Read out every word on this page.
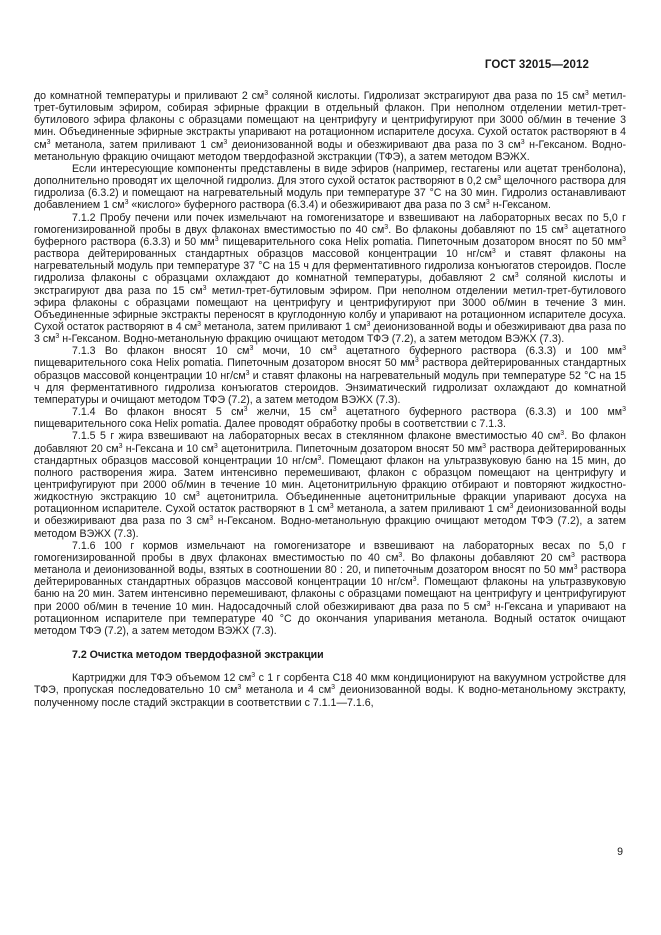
ГОСТ 32015—2012

до комнатной температуры и приливают 2 $см^3$ соляной кислоты. Гидролизат экстрагируют два раза по 15 $см^3$ метил-трет-бутиловым эфиром, собирая эфирные фракции в отдельный флакон. При неполном отделении метил-трет-бутилового эфира флаконы с образцами помещают на центрифугу и центрифугируют при 3000 об/мин в течение 3 мин. Объединенные эфирные экстракты упаривают на ротационном испарителе досуха. Сухой остаток растворяют в 4 $см^3$ метанола, затем приливают 1 $см^3$ деионизованной воды и обезжиривают два раза по 3 $см^3$ н-Гексаном. Водно-метанольную фракцию очищают методом твердофазной экстракции (ТФЭ), а затем методом ВЭЖХ.

Если интересующие компоненты представлены в виде эфиров (например, гестагены или ацетат тренболона), дополнительно проводят их щелочной гидролиз. Для этого сухой остаток растворяют в 0,2 $см^3$ щелочного раствора для гидролиза (6.3.2) и помещают на нагревательный модуль при температуре 37 °С на 30 мин. Гидролиз останавливают добавлением 1 $см^3$ «кислого» буферного раствора (6.3.4) и обезжиривают два раза по 3 $см^3$ н-Гексаном.

7.1.2 Пробу печени или почек измельчают на гомогенизаторе и взвешивают на лабораторных весах по 5,0 г гомогенизированной пробы в двух флаконах вместимостью по 40 $см^3$. Во флаконы добавляют по 15 $см^3$ ацетатного буферного раствора (6.3.3) и 50 $мм^3$ пищеварительного сока Helix pomatia. Пипеточным дозатором вносят по 50 $мм^3$ раствора дейтерированных стандартных образцов массовой концентрации 10 $нг/см^3$ и ставят флаконы на нагревательный модуль при температуре 37 °С на 15 ч для ферментативного гидролиза конъюгатов стероидов. После гидролиза флаконы с образцами охлаждают до комнатной температуры, добавляют 2 $см^3$ соляной кислоты и экстрагируют два раза по 15 $см^3$ метил-трет-бутиловым эфиром. При неполном отделении метил-трет-бутилового эфира флаконы с образцами помещают на центрифугу и центрифугируют при 3000 об/мин в течение 3 мин. Объединенные эфирные экстракты переносят в круглодонную колбу и упаривают на ротационном испарителе досуха. Сухой остаток растворяют в 4 $см^3$ метанола, затем приливают 1 $см^3$ деионизованной воды и обезжиривают два раза по 3 $см^3$ н-Гексаном. Водно-метанольную фракцию очищают методом ТФЭ (7.2), а затем методом ВЭЖХ (7.3).

7.1.3 Во флакон вносят 10 $см^3$ мочи, 10 $см^3$ ацетатного буферного раствора (6.3.3) и 100 $мм^3$ пищеварительного сока Helix pomatia. Пипеточным дозатором вносят 50 $мм^3$ раствора дейтерированных стандартных образцов массовой концентрации 10 $нг/см^3$ и ставят флаконы на нагревательный модуль при температуре 52 °С на 15 ч для ферментативного гидролиза конъюгатов стероидов. Энзиматический гидролизат охлаждают до комнатной температуры и очищают методом ТФЭ (7.2), а затем методом ВЭЖХ (7.3).

7.1.4 Во флакон вносят 5 $см^3$ желчи, 15 $см^3$ ацетатного буферного раствора (6.3.3) и 100 $мм^3$ пищеварительного сока Helix pomatia. Далее проводят обработку пробы в соответствии с 7.1.3.

7.1.5 5 г жира взвешивают на лабораторных весах в стеклянном флаконе вместимостью 40 $см^3$. Во флакон добавляют 20 $см^3$ н-Гексана и 10 $см^3$ ацетонитрила. Пипеточным дозатором вносят 50 $мм^3$ раствора дейтерированных стандартных образцов массовой концентрации 10 $нг/см^3$. Помещают флакон на ультразвуковую баню на 15 мин, до полного растворения жира. Затем интенсивно перемешивают, флакон с образцом помещают на центрифугу и центрифугируют при 2000 об/мин в течение 10 мин. Ацетонитрильную фракцию отбирают и повторяют жидкостно-жидкостную экстракцию 10 $см^3$ ацетонитрила. Объединенные ацетонитрильные фракции упаривают досуха на ротационном испарителе. Сухой остаток растворяют в 1 $см^3$ метанола, а затем приливают 1 $см^3$ деионизованной воды и обезжиривают два раза по 3 $см^3$ н-Гексаном. Водно-метанольную фракцию очищают методом ТФЭ (7.2), а затем методом ВЭЖХ (7.3).

7.1.6 100 г кормов измельчают на гомогенизаторе и взвешивают на лабораторных весах по 5,0 г гомогенизированной пробы в двух флаконах вместимостью по 40 $см^3$. Во флаконы добавляют 20 $см^3$ раствора метанола и деионизованной воды, взятых в соотношении 80 : 20, и пипеточным дозатором вносят по 50 $мм^3$ раствора дейтерированных стандартных образцов массовой концентрации 10 $нг/см^3$. Помещают флаконы на ультразвуковую баню на 20 мин. Затем интенсивно перемешивают, флаконы с образцами помещают на центрифугу и центрифугируют при 2000 об/мин в течение 10 мин. Надосадочный слой обезжиривают два раза по 5 $см^3$ н-Гексана и упаривают на ротационном испарителе при температуре 40 °С до окончания упаривания метанола. Водный остаток очищают методом ТФЭ (7.2), а затем методом ВЭЖХ (7.3).

7.2 Очистка методом твердофазной экстракции

Картриджи для ТФЭ объемом 12 $см^3$ с 1 г сорбента С18 40 мкм кондиционируют на вакуумном устройстве для ТФЭ, пропуская последовательно 10 $см^3$ метанола и 4 $см^3$ деионизованной воды. К водно-метанольному экстракту, полученному после стадий экстракции в соответствии с 7.1.1—7.1.6,

9
